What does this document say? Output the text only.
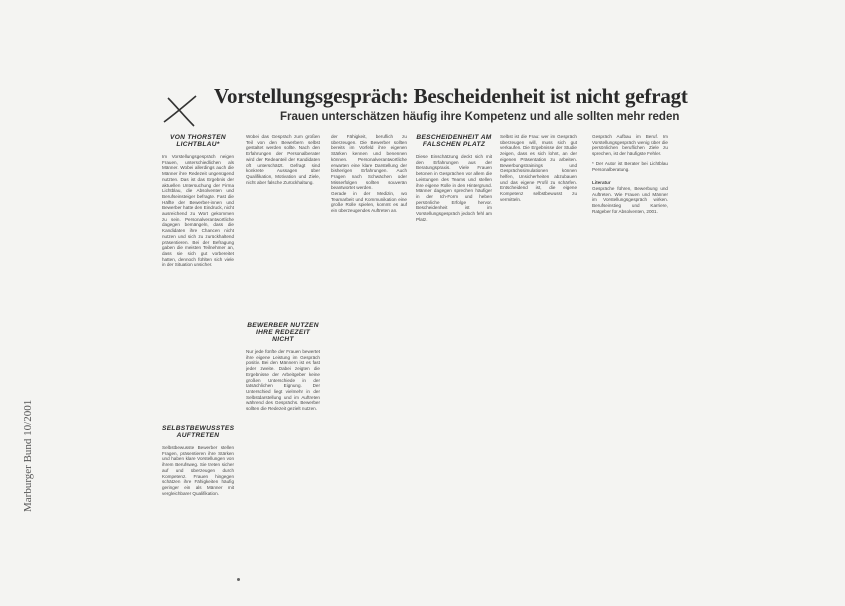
Vorstellungsgespräch: Bescheidenheit ist nicht gefragt
Frauen unterschätzen häufig ihre Kompetenz und alle sollten mehr reden

VON THORSTEN LICHTBLAU*

Im Vorstellungsgespräch neigen Frauen, unterschiedlichen als Männer. Wobei allerdings auch die Männer ihre Redezeit ungenügend nutzten. Das ist das Ergebnis der aktuellen Untersuchung der Firma Lichtblau, die Absolventen und Berufseinsteiger befragte. Fast die Hälfte der Bewerber-innen und Bewerber hatte den Eindruck, nicht ausreichend zu Wort gekommen zu sein. Personalverantwortliche dagegen bemängeln, dass die Kandidaten ihre Chancen nicht nutzen und sich zu zurückhaltend präsentieren. Bei der Befragung gaben die meisten Teilnehmer an, dass sie sich gut vorbereitet hatten, dennoch fühlten sich viele in der Situation unsicher.

SELBSTBEWUSSTES AUFTRETEN

Selbstbewusste Bewerber stellen Fragen, präsentieren ihre Stärken und haben klare Vorstellungen von ihrem Berufsweg. Sie treten sicher auf und überzeugen durch Kompetenz. Frauen hingegen schätzen ihre Fähigkeiten häufig geringer ein als Männer mit vergleichbarer Qualifikation.

Wobei das Gespräch zum großen Teil von den Bewerbern selbst gestaltet werden sollte. Nach den Erfahrungen der Personalberater wird der Redeanteil der Kandidaten oft unterschätzt. Gefragt sind konkrete Aussagen über Qualifikation, Motivation und Ziele, nicht aber falsche Zurückhaltung.

BEWERBER NUTZEN IHRE REDEZEIT NICHT

Nur jede fünfte der Frauen bewertet ihre eigene Leistung im Gespräch positiv. Bei den Männern ist es fast jeder zweite. Dabei zeigten die Ergebnisse der Arbeitgeber keine großen Unterschiede in der tatsächlichen Eignung. Der Unterschied liegt vielmehr in der Selbstdarstellung und im Auftreten während des Gesprächs. Bewerber sollten die Redezeit gezielt nutzen.

der Fähigkeit, beruflich zu überzeugen. Die Bewerber sollten bereits im Vorfeld ihre eigenen Stärken kennen und benennen können. Personalverantwortliche erwarten eine klare Darstellung der bisherigen Erfahrungen. Auch Fragen nach Schwächen oder Misserfolgen sollten souverän beantwortet werden.

Gerade in der Medizin, wo Teamarbeit und Kommunikation eine große Rolle spielen, kommt es auf ein überzeugendes Auftreten an.

BESCHEIDENHEIT AM FALSCHEN PLATZ

Diese Einschätzung deckt sich mit den Erfahrungen aus der Beratungspraxis. Viele Frauen betonen in Gesprächen vor allem die Leistungen des Teams und stellen ihre eigene Rolle in den Hintergrund. Männer dagegen sprechen häufiger in der Ich-Form und heben persönliche Erfolge hervor. Bescheidenheit ist im Vorstellungsgespräch jedoch fehl am Platz.

Selbst ist die Frau: wer im Gespräch überzeugen will, muss sich gut verkaufen. Die Ergebnisse der Studie zeigen, dass es sich lohnt, an der eigenen Präsentation zu arbeiten. Bewerbungstrainings und Gesprächssimulationen können helfen, Unsicherheiten abzubauen und das eigene Profil zu schärfen. Entscheidend ist, die eigene Kompetenz selbstbewusst zu vermitteln.

Gespräch Aufbau im Beruf. Im Vorstellungsgespräch wenig über die persönlichen beruflichen Ziele zu sprechen, ist der häufigste Fehler.

* Der Autor ist Berater bei Lichtblau Personalberatung.

Literatur

Gespräche führen, Bewerbung und Auftreten. Wie Frauen und Männer im Vorstellungsgespräch wirken. Berufseinstieg und Karriere, Ratgeber für Absolventen, 2001.

Marburger Bund 10/2001
